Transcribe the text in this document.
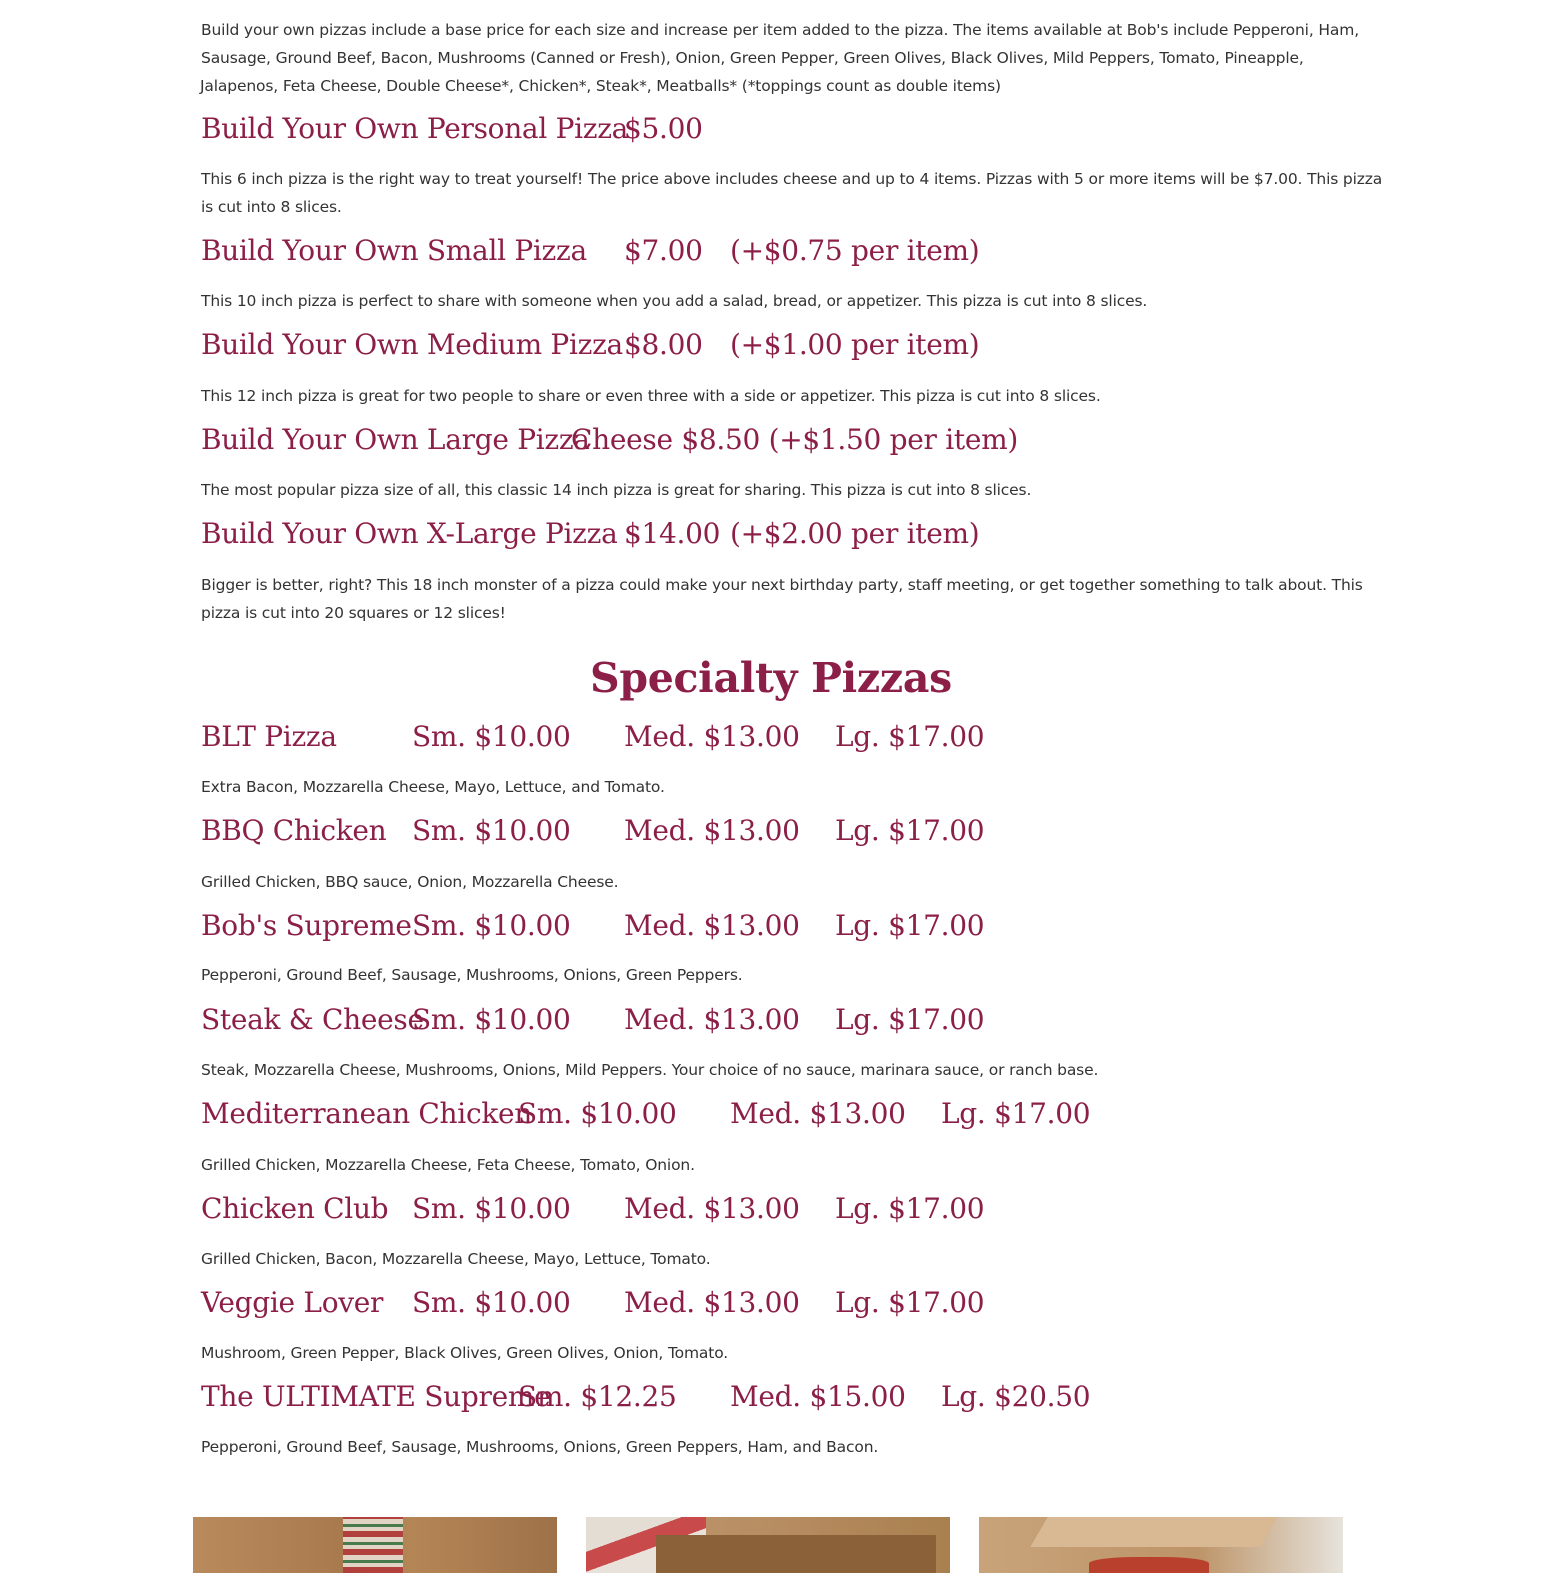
Build your own pizzas include a base price for each size and increase per item added to the pizza. The items available at Bob's include Pepperoni, Ham,
Sausage, Ground Beef, Bacon, Mushrooms (Canned or Fresh), Onion, Green Pepper, Green Olives, Black Olives, Mild Peppers, Tomato, Pineapple,
Jalapenos, Feta Cheese, Double Cheese*, Chicken*, Steak*, Meatballs* (*toppings count as double items)

Build Your Own Personal Pizza
$5.00
This 6 inch pizza is the right way to treat yourself! The price above includes cheese and up to 4 items. Pizzas with 5 or more items will be $7.00. This pizza
is cut into 8 slices.
Build Your Own Small Pizza $7.00 (+$0.75 per item)
This 10 inch pizza is perfect to share with someone when you add a salad, bread, or appetizer. This pizza is cut into 8 slices.
Build Your Own Medium Pizza $8.00 (+$1.00 per item)
This 12 inch pizza is great for two people to share or even three with a side or appetizer. This pizza is cut into 8 slices.
Build Your Own Large Pizza
Cheese $8.50 (+$1.50 per item)
The most popular pizza size of all, this classic 14 inch pizza is great for sharing. This pizza is cut into 8 slices.
Build Your Own X-Large Pizza $14.00 (+$2.00 per item)
Bigger is better, right? This 18 inch monster of a pizza could make your next birthday party, staff meeting, or get together something to talk about. This
pizza is cut into 20 squares or 12 slices!
BLT Pizza	Sm. $10.00 Med. $13.00 Lg. $17.00
Extra Bacon, Mozzarella Cheese, Mayo, Lettuce, and Tomato.
BBQ Chicken Sm. $10.00 Med. $13.00 Lg. $17.00
Grilled Chicken, BBQ sauce, Onion, Mozzarella Cheese.
Bob's Supreme Sm. $10.00 Med. $13.00 Lg. $17.00
Pepperoni, Ground Beef, Sausage, Mushrooms, Onions, Green Peppers.
Steak & Cheese
Sm. $10.00 Med. $13.00 Lg. $17.00
Steak, Mozzarella Cheese, Mushrooms, Onions, Mild Peppers. Your choice of no sauce, marinara sauce, or ranch base.
Mediterranean Chicken
Sm. $10.00 Med. $13.00 Lg. $17.00
Grilled Chicken, Mozzarella Cheese, Feta Cheese, Tomato, Onion.
Chicken Club Sm. $10.00 Med. $13.00 Lg. $17.00
Grilled Chicken, Bacon, Mozzarella Cheese, Mayo, Lettuce, Tomato.
Veggie Lover Sm. $10.00 Med. $13.00 Lg. $17.00
Mushroom, Green Pepper, Black Olives, Green Olives, Onion, Tomato.
The ULTIMATE Supreme
Sm. $12.25 Med. $15.00 Lg. $20.50
Pepperoni, Ground Beef, Sausage, Mushrooms, Onions, Green Peppers, Ham, and Bacon.
Specialty Pizzas
